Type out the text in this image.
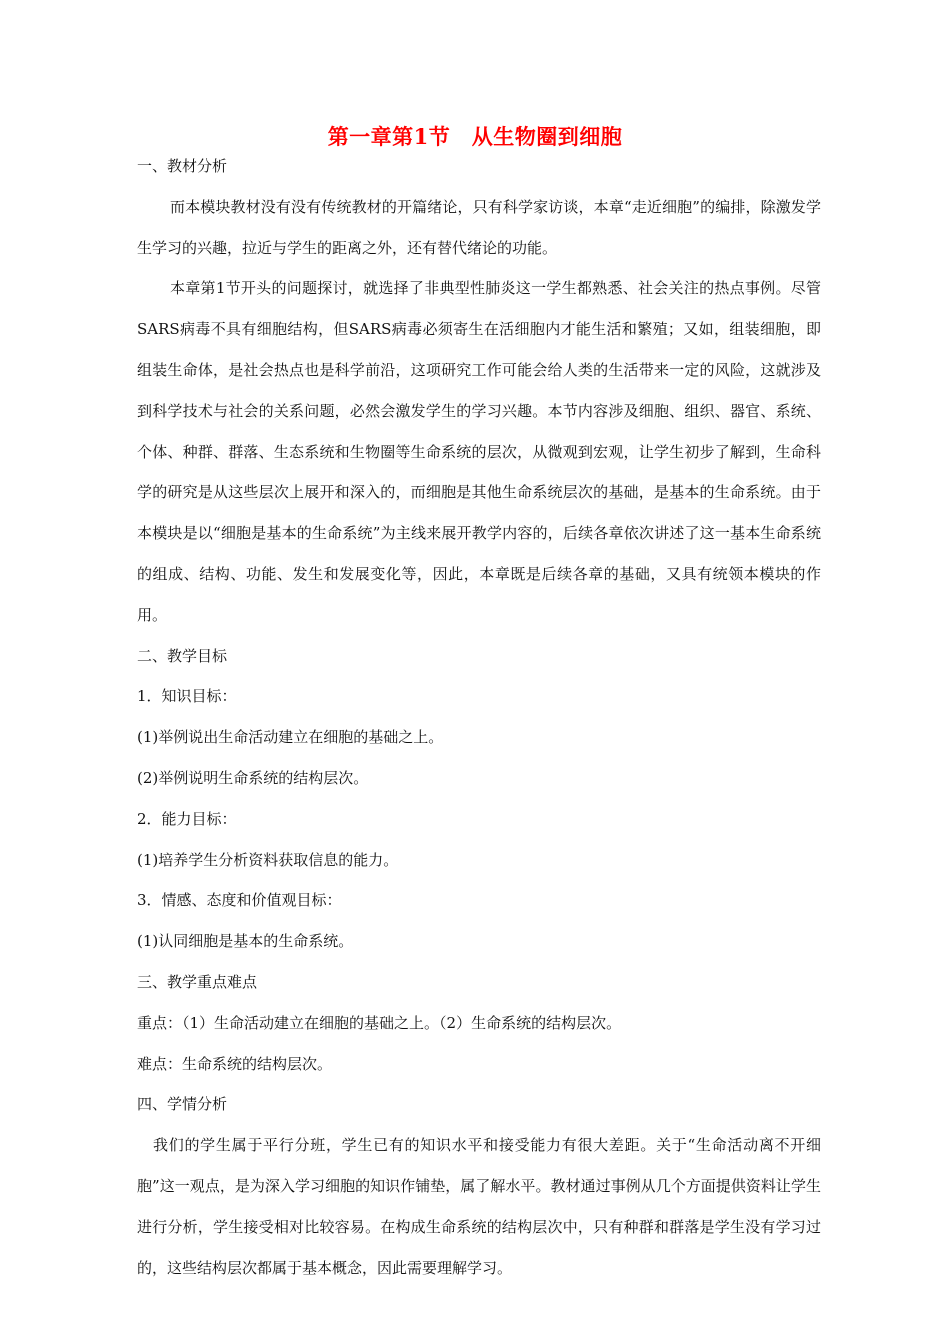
第一章第1节　从生物圈到细胞

一、教材分析

而本模块教材没有没有传统教材的开篇绪论，只有科学家访谈，本章“走近细胞”的编排，除激发学生学习的兴趣，拉近与学生的距离之外，还有替代绪论的功能。

本章第1节开头的问题探讨，就选择了非典型性肺炎这一学生都熟悉、社会关注的热点事例。尽管SARS病毒不具有细胞结构，但SARS病毒必须寄生在活细胞内才能生活和繁殖；又如，组装细胞，即组装生命体，是社会热点也是科学前沿，这项研究工作可能会给人类的生活带来一定的风险，这就涉及到科学技术与社会的关系问题，必然会激发学生的学习兴趣。本节内容涉及细胞、组织、器官、系统、个体、种群、群落、生态系统和生物圈等生命系统的层次，从微观到宏观，让学生初步了解到，生命科学的研究是从这些层次上展开和深入的，而细胞是其他生命系统层次的基础，是基本的生命系统。由于本模块是以“细胞是基本的生命系统”为主线来展开教学内容的，后续各章依次讲述了这一基本生命系统的组成、结构、功能、发生和发展变化等，因此，本章既是后续各章的基础，又具有统领本模块的作用。

二、教学目标

1．知识目标：

(1)举例说出生命活动建立在细胞的基础之上。

(2)举例说明生命系统的结构层次。

2．能力目标：

(1)培养学生分析资料获取信息的能力。

3．情感、态度和价值观目标：

(1)认同细胞是基本的生命系统。

三、教学重点难点

重点：（1）生命活动建立在细胞的基础之上。（2）生命系统的结构层次。

难点：生命系统的结构层次。

四、学情分析

我们的学生属于平行分班，学生已有的知识水平和接受能力有很大差距。关于“生命活动离不开细胞”这一观点，是为深入学习细胞的知识作铺垫，属了解水平。教材通过事例从几个方面提供资料让学生进行分析，学生接受相对比较容易。在构成生命系统的结构层次中，只有种群和群落是学生没有学习过的，这些结构层次都属于基本概念，因此需要理解学习。
